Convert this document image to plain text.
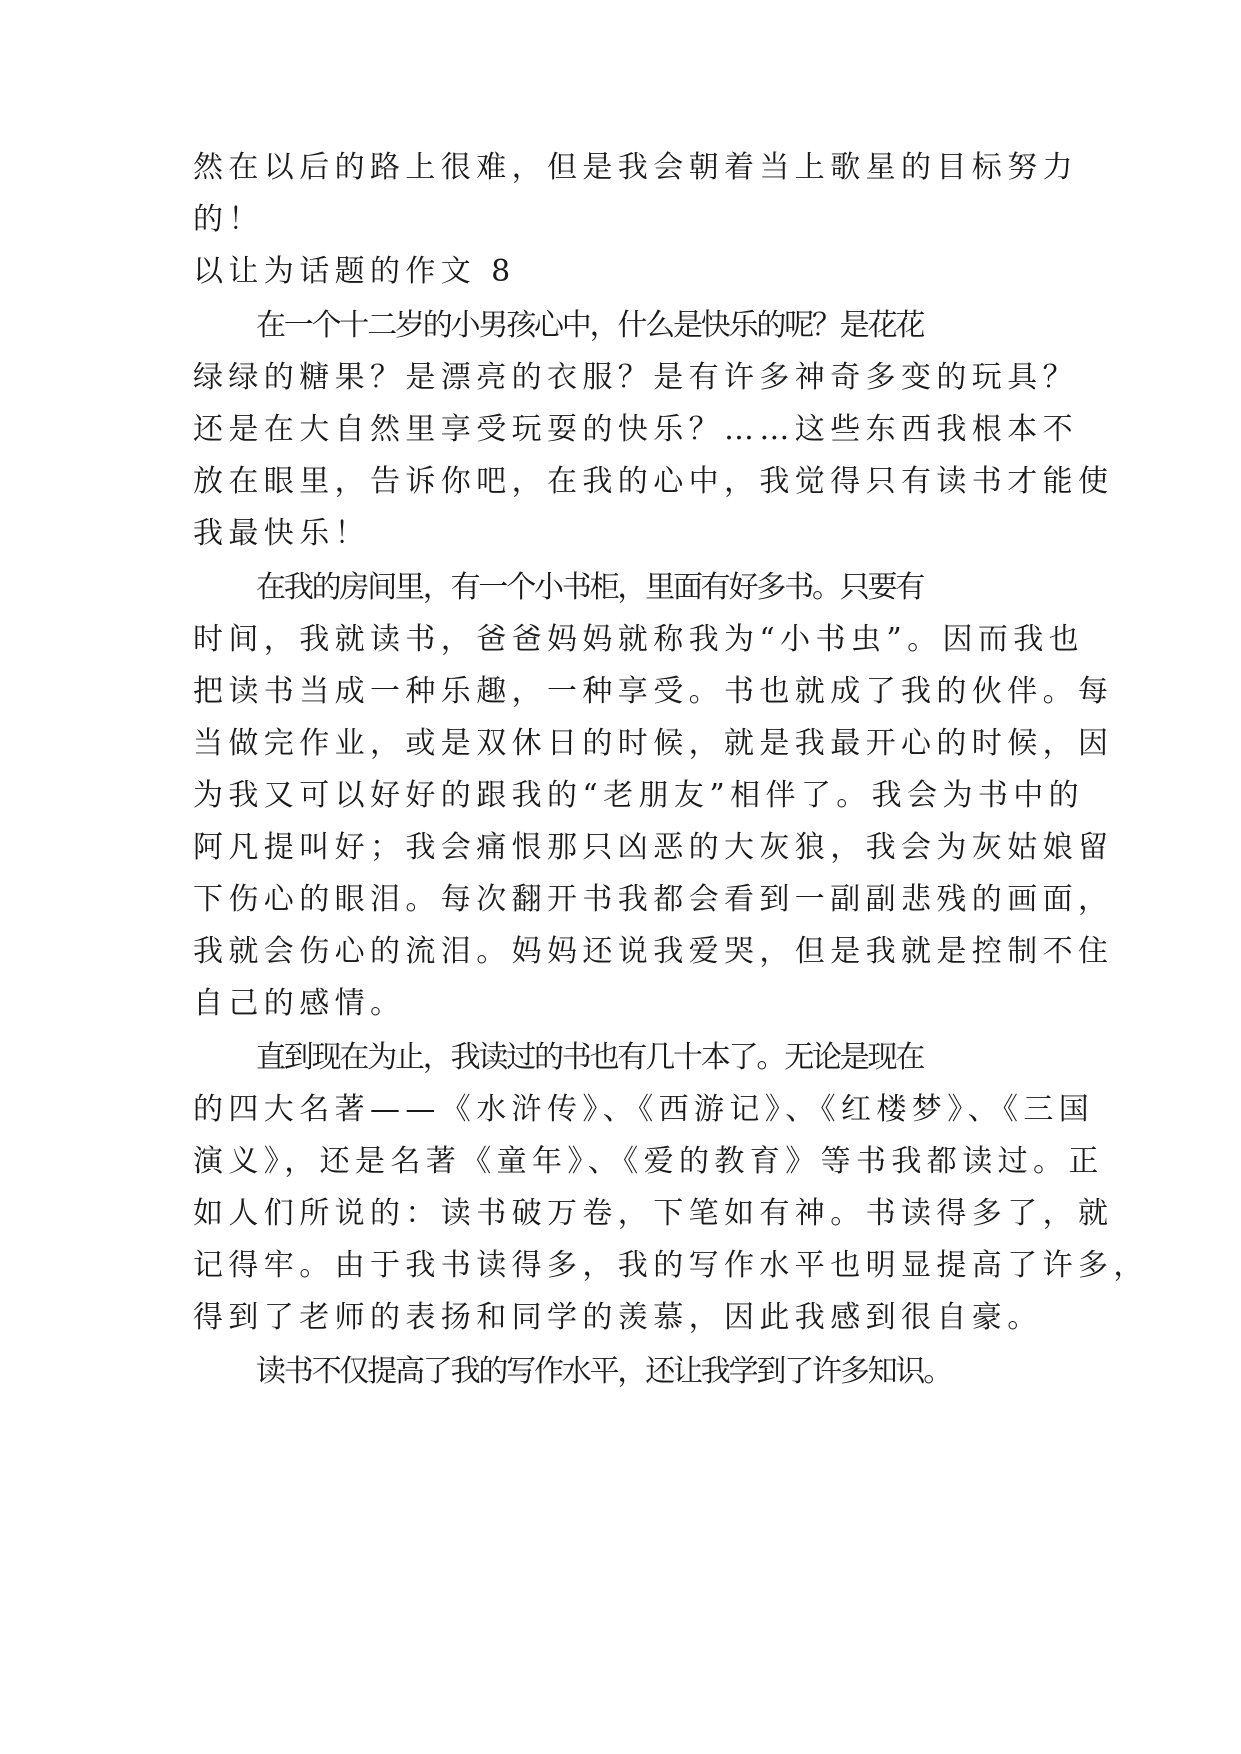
然在以后的路上很难，但是我会朝着当上歌星的目标努力
的！
以让为话题的作文 8
在一个十二岁的小男孩心中，什么是快乐的呢？是花花
绿绿的糖果？是漂亮的衣服？是有许多神奇多变的玩具？
还是在大自然里享受玩耍的快乐？……这些东西我根本不
放在眼里，告诉你吧，在我的心中，我觉得只有读书才能使
我最快乐！
在我的房间里，有一个小书柜，里面有好多书。只要有
时间，我就读书，爸爸妈妈就称我为“小书虫”。因而我也
把读书当成一种乐趣，一种享受。书也就成了我的伙伴。每
当做完作业，或是双休日的时候，就是我最开心的时候，因
为我又可以好好的跟我的“老朋友”相伴了。我会为书中的
阿凡提叫好；我会痛恨那只凶恶的大灰狼，我会为灰姑娘留
下伤心的眼泪。每次翻开书我都会看到一副副悲残的画面，
我就会伤心的流泪。妈妈还说我爱哭，但是我就是控制不住
自己的感情。
直到现在为止，我读过的书也有几十本了。无论是现在
的四大名著——《水浒传》、《西游记》、《红楼梦》、《三国
演义》，还是名著《童年》、《爱的教育》等书我都读过。正
如人们所说的：读书破万卷，下笔如有神。书读得多了，就
记得牢。由于我书读得多，我的写作水平也明显提高了许多，
得到了老师的表扬和同学的羡慕，因此我感到很自豪。
读书不仅提高了我的写作水平，还让我学到了许多知识。
